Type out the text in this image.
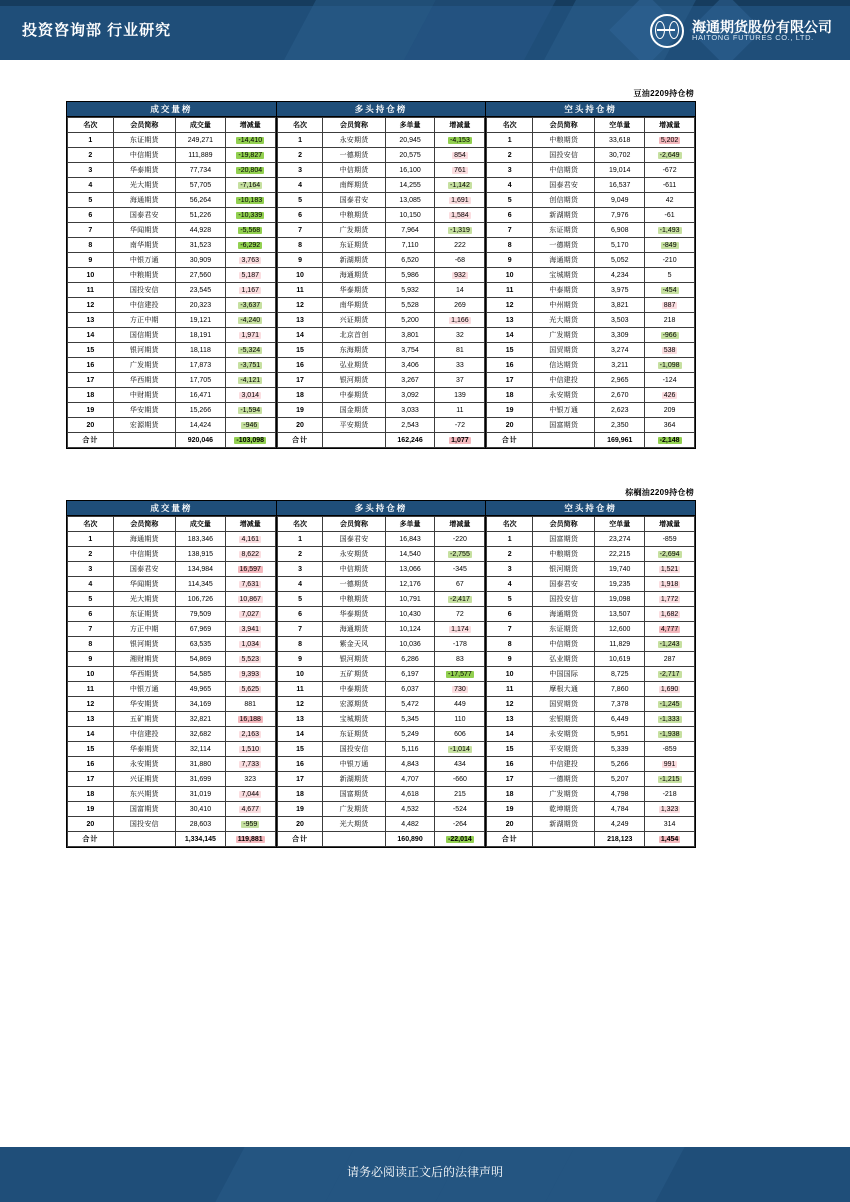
投资咨询部 行业研究	海通期货股份有限公司
HAITONG FUTURES CO., LTD.
豆油2209持仓榜
成交量榜
名次	会员简称	成交量	增减量
1	东证期货	249,271	-14,410
2	中信期货	111,889	-19,827
3	华泰期货	77,734	-20,804
4	光大期货	57,705	-7,164
5	海通期货	56,264	-10,183
6	国泰君安	51,226	-10,339
7	华闻期货	44,928	-5,568
8	南华期货	31,523	-6,292
9	中银万通	30,909	3,763
10	中粮期货	27,560	5,187
11	国投安信	23,545	1,167
12	中信建投	20,323	-3,637
13	方正中期	19,121	-4,240
14	国信期货	18,191	1,971
15	银河期货	18,118	-5,324
16	广发期货	17,873	-3,751
17	华西期货	17,705	-4,121
18	中财期货	16,471	3,014
19	华安期货	15,266	-1,594
20	宏源期货	14,424	-946
合计		920,046	-103,098
多头持仓榜
名次	会员简称	多单量	增减量
1	永安期货	20,945	-4,153
2	一德期货	20,575	854
3	中信期货	16,100	761
4	南辉期货	14,255	-1,142
5	国泰君安	13,085	1,691
6	中粮期货	10,150	1,584
7	广发期货	7,964	-1,319
8	东证期货	7,110	222
9	新湖期货	6,520	-68
10	海通期货	5,986	932
11	华泰期货	5,932	14
12	南华期货	5,528	269
13	兴证期货	5,200	1,166
14	北京首创	3,801	32
15	东海期货	3,754	81
16	弘业期货	3,406	33
17	银河期货	3,267	37
18	中泰期货	3,092	139
19	国金期货	3,033	11
20	平安期货	2,543	-72
合计		162,246	1,077
空头持仓榜
名次	会员简称	空单量	增减量
1	中粮期货	33,618	5,202
2	国投安信	30,702	-2,649
3	中信期货	19,014	-672
4	国泰君安	16,537	-611
5	创信期货	9,049	42
6	新湖期货	7,976	-61
7	东证期货	6,908	-1,493
8	一德期货	5,170	-849
9	海通期货	5,052	-210
10	宝城期货	4,234	5
11	中泰期货	3,975	-454
12	中州期货	3,821	887
13	光大期货	3,503	218
14	广发期货	3,309	-966
15	国贸期货	3,274	538
16	信达期货	3,211	-1,098
17	中信建投	2,965	-124
18	永安期货	2,670	426
19	中银万通	2,623	209
20	国富期货	2,350	364
合计		169,961	-2,148
棕榈油2209持仓榜
成交量榜
名次	会员简称	成交量	增减量
1	海通期货	183,346	4,161
2	中信期货	138,915	8,622
3	国泰君安	134,984	16,597
4	华闻期货	114,345	7,631
5	光大期货	106,726	10,867
6	东证期货	79,509	7,027
7	方正中期	67,969	3,941
8	银河期货	63,535	1,034
9	湘财期货	54,869	5,523
10	华西期货	54,585	9,393
11	中银万通	49,965	5,625
12	华安期货	34,169	881
13	五矿期货	32,821	16,188
14	中信建投	32,682	2,163
15	华泰期货	32,114	1,510
16	永安期货	31,880	7,733
17	兴证期货	31,699	323
18	东兴期货	31,019	7,044
19	国富期货	30,410	4,677
20	国投安信	28,603	-959
合计		1,334,145	119,881
多头持仓榜
名次	会员简称	多单量	增减量
1	国泰君安	16,843	-220
2	永安期货	14,540	-2,755
3	中信期货	13,066	-345
4	一德期货	12,176	67
5	中粮期货	10,791	-2,417
6	华泰期货	10,430	72
7	海通期货	10,124	1,174
8	紫金天风	10,036	-178
9	银河期货	6,286	83
10	五矿期货	6,197	-17,577
11	中泰期货	6,037	730
12	宏源期货	5,472	449
13	宝城期货	5,345	110
14	东证期货	5,249	606
15	国投安信	5,116	-1,014
16	中银万通	4,843	434
17	新湖期货	4,707	-660
18	国富期货	4,618	215
19	广发期货	4,532	-524
20	光大期货	4,482	-264
合计		160,890	-22,014
空头持仓榜
名次	会员简称	空单量	增减量
1	国富期货	23,274	-859
2	中粮期货	22,215	-2,694
3	银河期货	19,740	1,521
4	国泰君安	19,235	1,918
5	国投安信	19,098	1,772
6	海通期货	13,507	1,682
7	东证期货	12,600	4,777
8	中信期货	11,829	-1,243
9	弘业期货	10,619	287
10	中国国际	8,725	-2,717
11	摩根大通	7,860	1,690
12	国贸期货	7,378	-1,245
13	宏银期货	6,449	-1,333
14	永安期货	5,951	-1,938
15	平安期货	5,339	-859
16	中信建投	5,266	991
17	一德期货	5,207	-1,215
18	广发期货	4,798	-218
19	乾坤期货	4,784	1,323
20	新湖期货	4,249	314
合计		218,123	1,454
请务必阅读正文后的法律声明
